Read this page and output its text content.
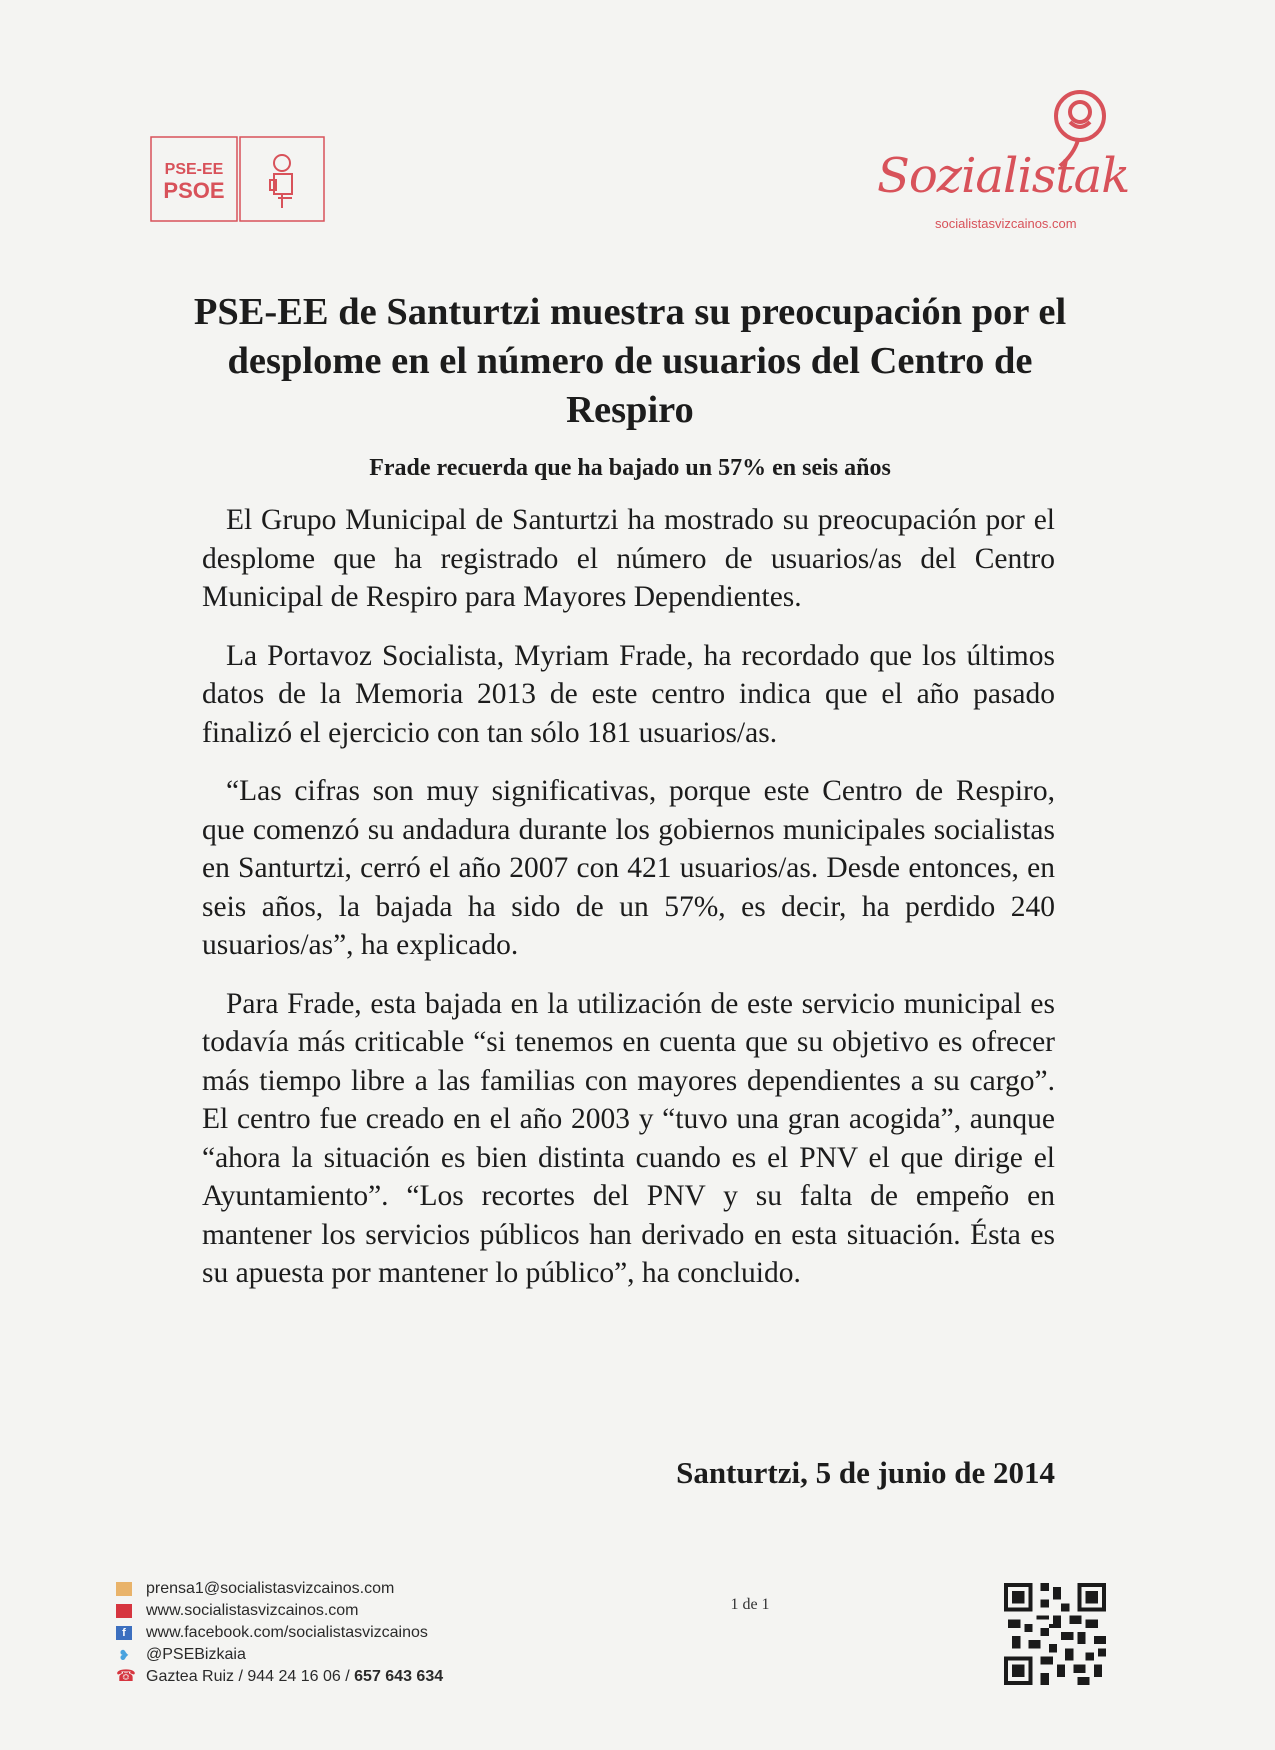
PSE-EE
PSOE	Sozialistak
socialistasvizcainos.com
PSE-EE de Santurtzi muestra su preocupación por el desplome en el número de usuarios del Centro de Respiro
Frade recuerda que ha bajado un 57% en seis años

El Grupo Municipal de Santurtzi ha mostrado su preocupación por el desplome que ha registrado el número de usuarios/as del Centro Municipal de Respiro para Mayores Dependientes.

La Portavoz Socialista, Myriam Frade, ha recordado que los últimos datos de la Memoria 2013 de este centro indica que el año pasado finalizó el ejercicio con tan sólo 181 usuarios/as.

“Las cifras son muy significativas, porque este Centro de Respiro, que comenzó su andadura durante los gobiernos municipales socialistas en Santurtzi, cerró el año 2007 con 421 usuarios/as. Desde entonces, en seis años, la bajada ha sido de un 57%, es decir, ha perdido 240 usuarios/as”, ha explicado.

Para Frade, esta bajada en la utilización de este servicio municipal es todavía más criticable “si tenemos en cuenta que su objetivo es ofrecer más tiempo libre a las familias con mayores dependientes a su cargo”. El centro fue creado en el año 2003 y “tuvo una gran acogida”, aunque “ahora la situación es bien distinta cuando es el PNV el que dirige el Ayuntamiento”. “Los recortes del PNV y su falta de empeño en mantener los servicios públicos han derivado en esta situación. Ésta es su apuesta por mantener lo público”, ha concluido.

Santurtzi, 5 de junio de 2014
prensa1@socialistasvizcainos.com
www.socialistasvizcainos.com
f	www.facebook.com/socialistasvizcainos
❥ @PSEBizkaia
☎ Gaztea Ruiz / 944 24 16 06 / 657 643 634
1 de 1
